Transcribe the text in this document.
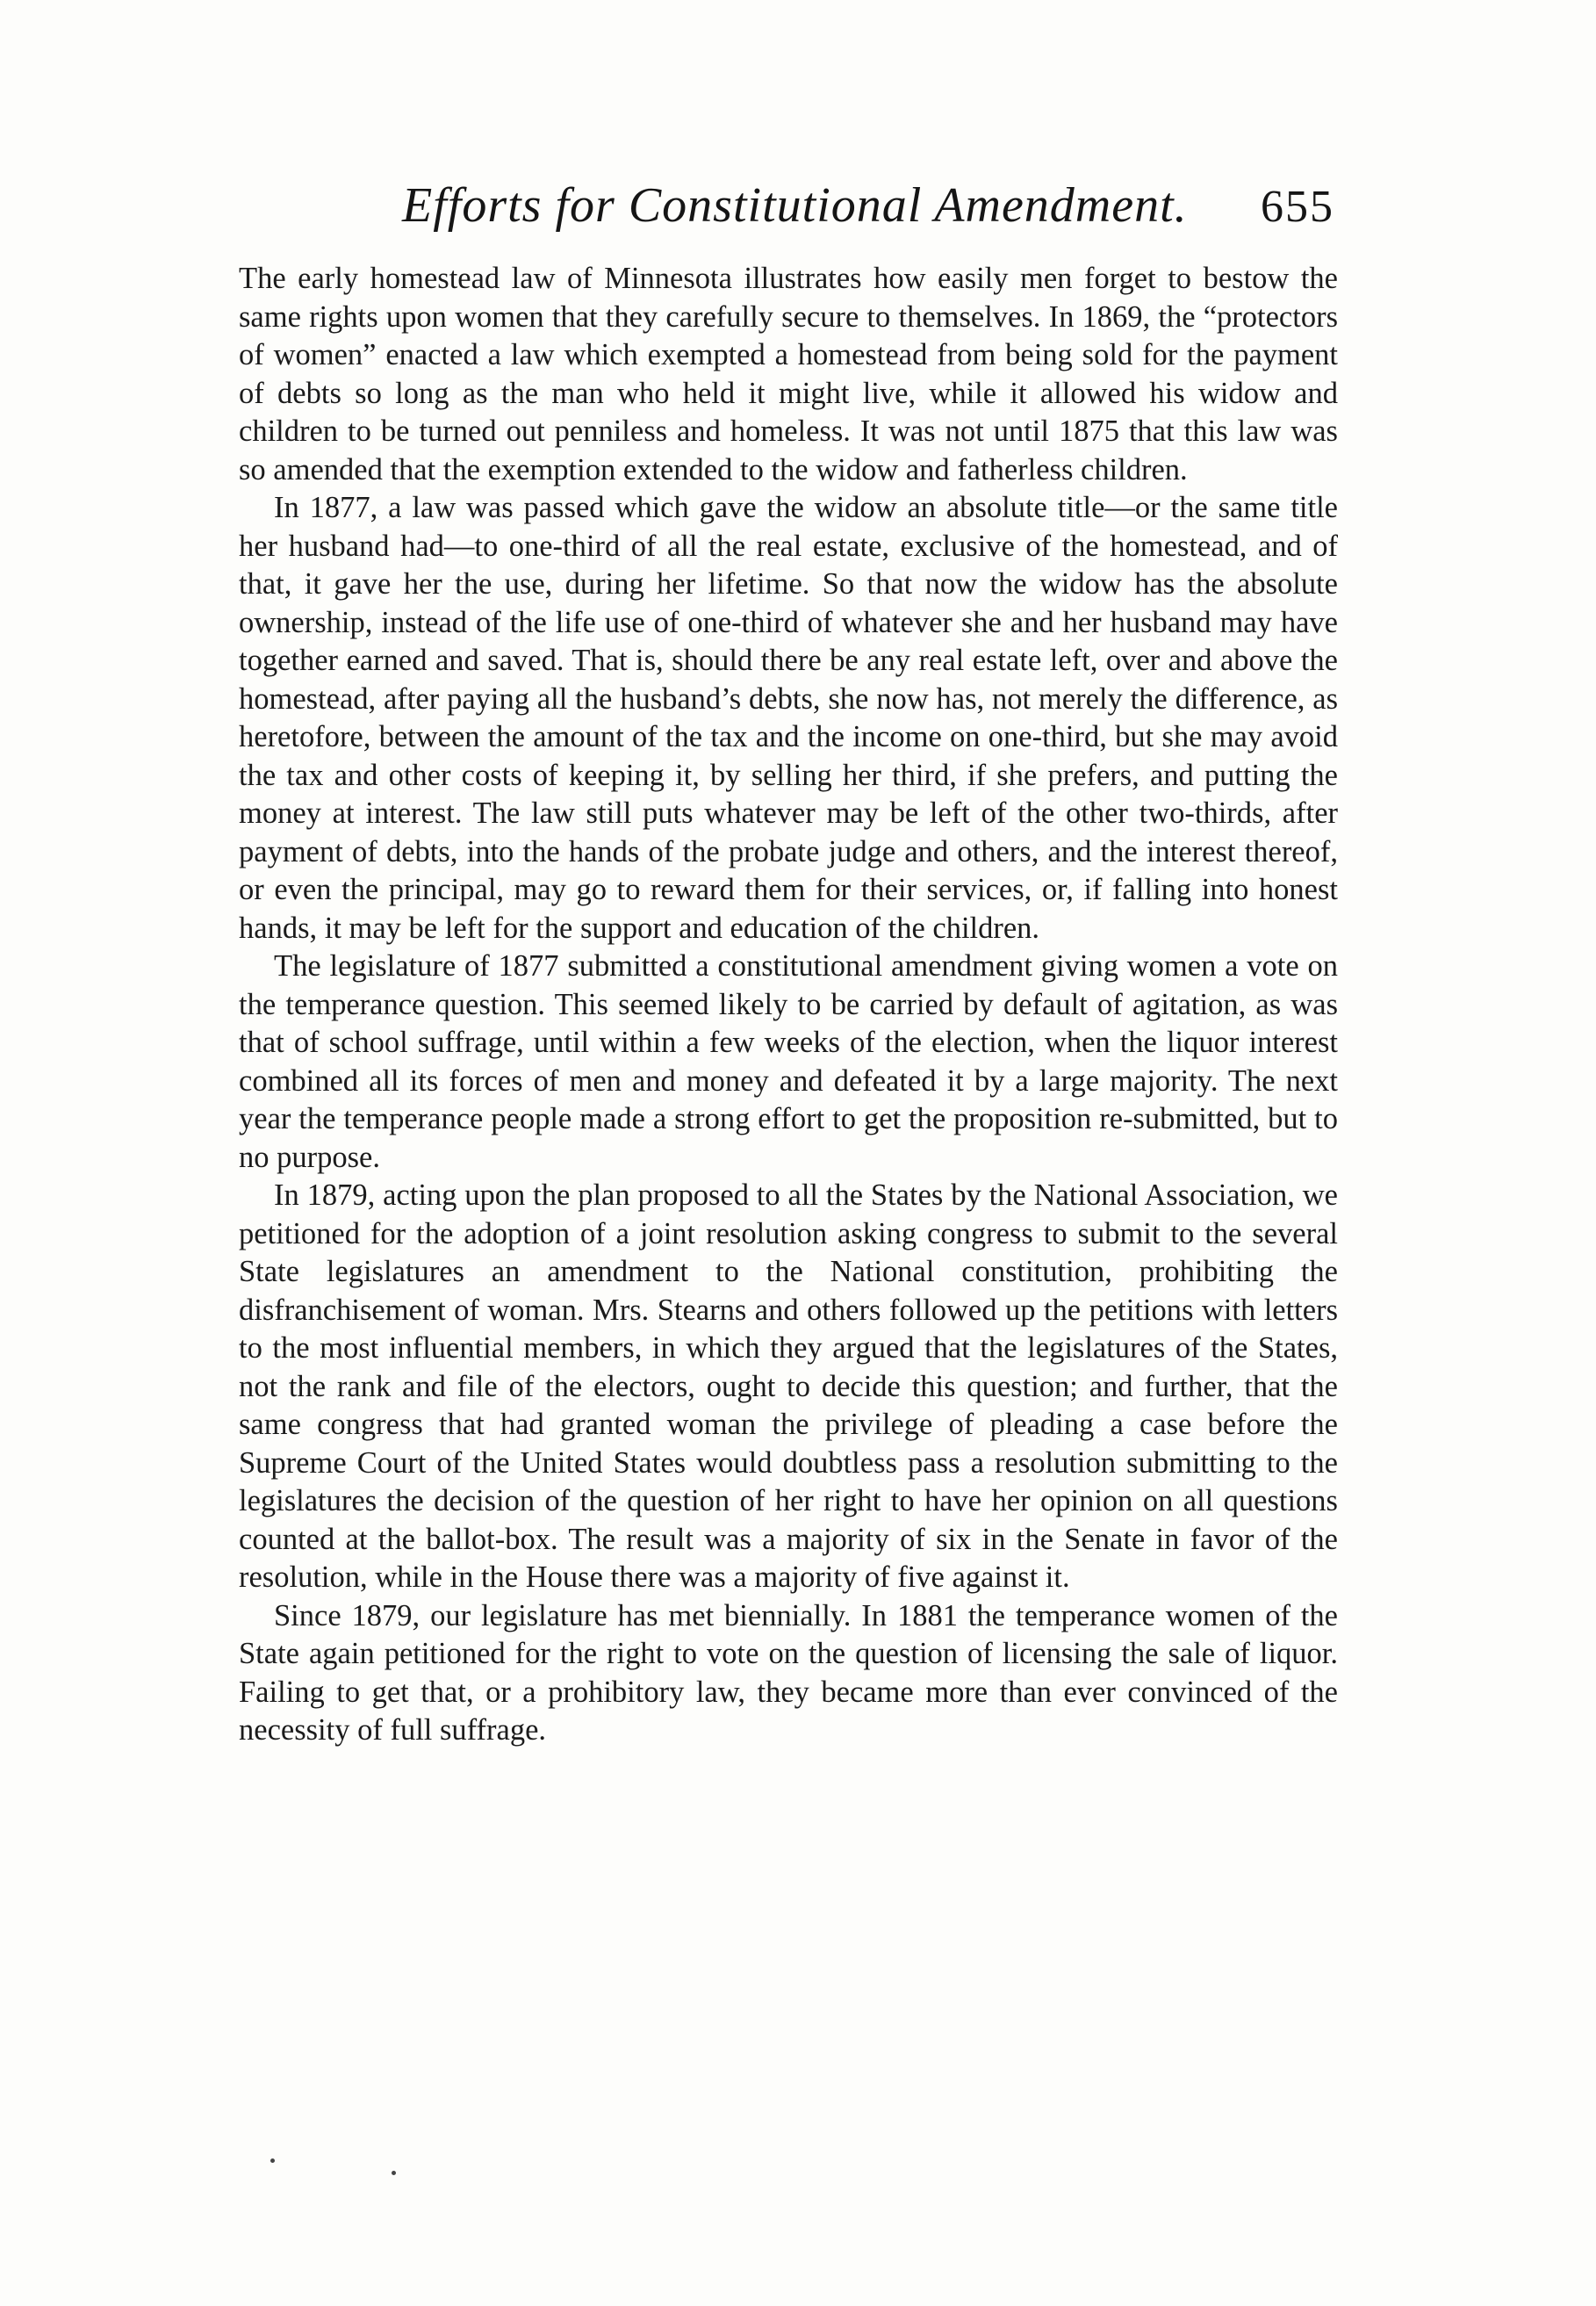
Efforts for Constitutional Amendment. 655

The early homestead law of Minnesota illustrates how easily men forget to bestow the same rights upon women that they carefully secure to themselves. In 1869, the “protectors of women” enacted a law which exempted a homestead from being sold for the payment of debts so long as the man who held it might live, while it allowed his widow and children to be turned out penniless and homeless. It was not until 1875 that this law was so amended that the exemption extended to the widow and fatherless children.

In 1877, a law was passed which gave the widow an absolute title—or the same title her husband had—to one-third of all the real estate, exclusive of the homestead, and of that, it gave her the use, during her lifetime. So that now the widow has the absolute ownership, instead of the life use of one-third of whatever she and her husband may have together earned and saved. That is, should there be any real estate left, over and above the homestead, after paying all the husband’s debts, she now has, not merely the difference, as heretofore, between the amount of the tax and the income on one-third, but she may avoid the tax and other costs of keeping it, by selling her third, if she prefers, and putting the money at interest. The law still puts whatever may be left of the other two-thirds, after payment of debts, into the hands of the probate judge and others, and the interest thereof, or even the principal, may go to reward them for their services, or, if falling into honest hands, it may be left for the support and education of the children.

The legislature of 1877 submitted a constitutional amendment giving women a vote on the temperance question. This seemed likely to be carried by default of agitation, as was that of school suffrage, until within a few weeks of the election, when the liquor interest combined all its forces of men and money and defeated it by a large majority. The next year the temperance people made a strong effort to get the proposition re-submitted, but to no purpose.

In 1879, acting upon the plan proposed to all the States by the National Association, we petitioned for the adoption of a joint resolution asking congress to submit to the several State legislatures an amendment to the National constitution, prohibiting the disfranchisement of woman. Mrs. Stearns and others followed up the petitions with letters to the most influential members, in which they argued that the legislatures of the States, not the rank and file of the electors, ought to decide this question; and further, that the same congress that had granted woman the privilege of pleading a case before the Supreme Court of the United States would doubtless pass a resolution submitting to the legislatures the decision of the question of her right to have her opinion on all questions counted at the ballot-box. The result was a majority of six in the Senate in favor of the resolution, while in the House there was a majority of five against it.

Since 1879, our legislature has met biennially. In 1881 the temperance women of the State again petitioned for the right to vote on the question of licensing the sale of liquor. Failing to get that, or a prohibitory law, they became more than ever convinced of the necessity of full suffrage.
